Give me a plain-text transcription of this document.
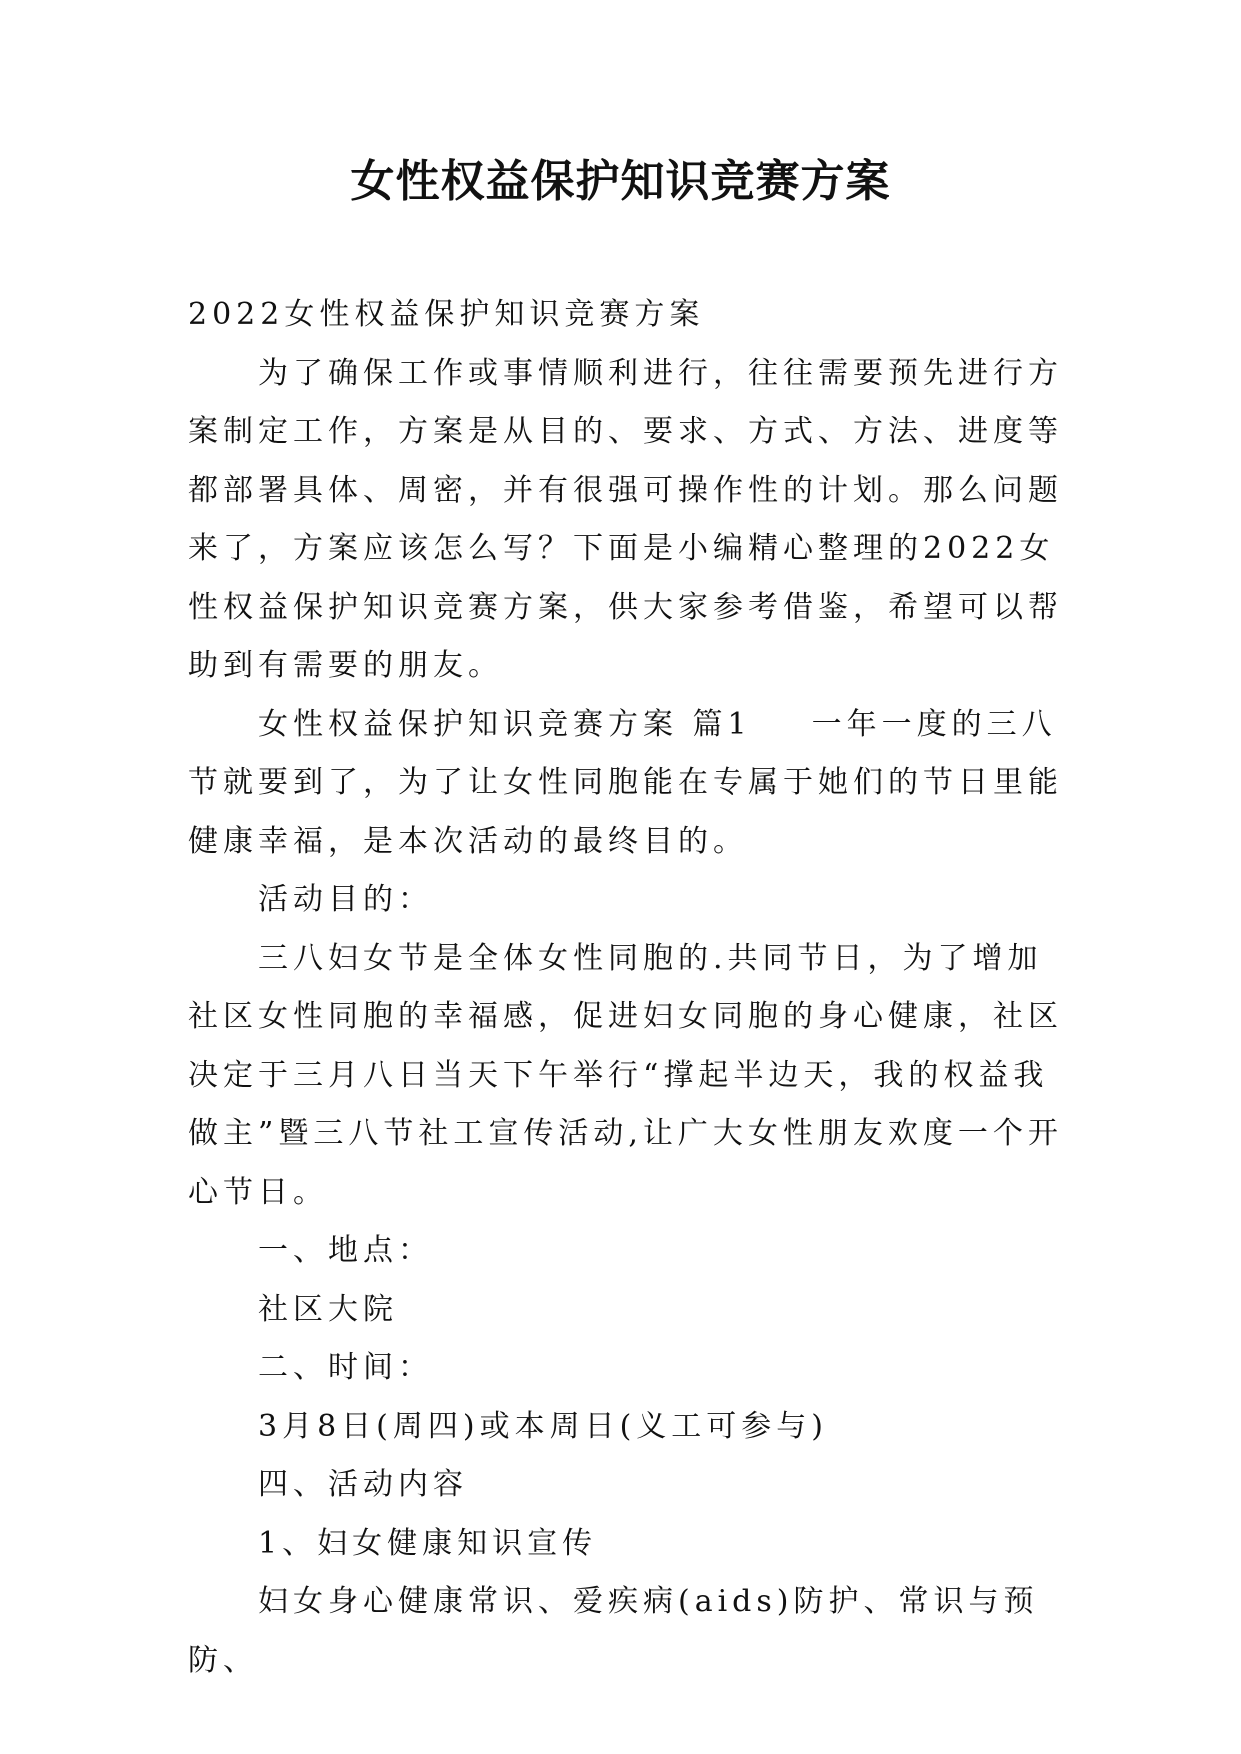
女性权益保护知识竞赛方案

2022女性权益保护知识竞赛方案

为了确保工作或事情顺利进行，往往需要预先进行方案制定工作，方案是从目的、要求、方式、方法、进度等都部署具体、周密，并有很强可操作性的计划。那么问题来了，方案应该怎么写？下面是小编精心整理的2022女性权益保护知识竞赛方案，供大家参考借鉴，希望可以帮助到有需要的朋友。

女性权益保护知识竞赛方案 篇1 一年一度的三八节就要到了，为了让女性同胞能在专属于她们的节日里能健康幸福，是本次活动的最终目的。

活动目的：

三八妇女节是全体女性同胞的.共同节日，为了增加社区女性同胞的幸福感，促进妇女同胞的身心健康，社区决定于三月八日当天下午举行“撑起半边天，我的权益我做主”暨三八节社工宣传活动,让广大女性朋友欢度一个开心节日。

一、地点：

社区大院

二、时间：

3月8日(周四)或本周日(义工可参与)

四、活动内容

1、妇女健康知识宣传

妇女身心健康常识、爱疾病(aids)防护、常识与预防、
